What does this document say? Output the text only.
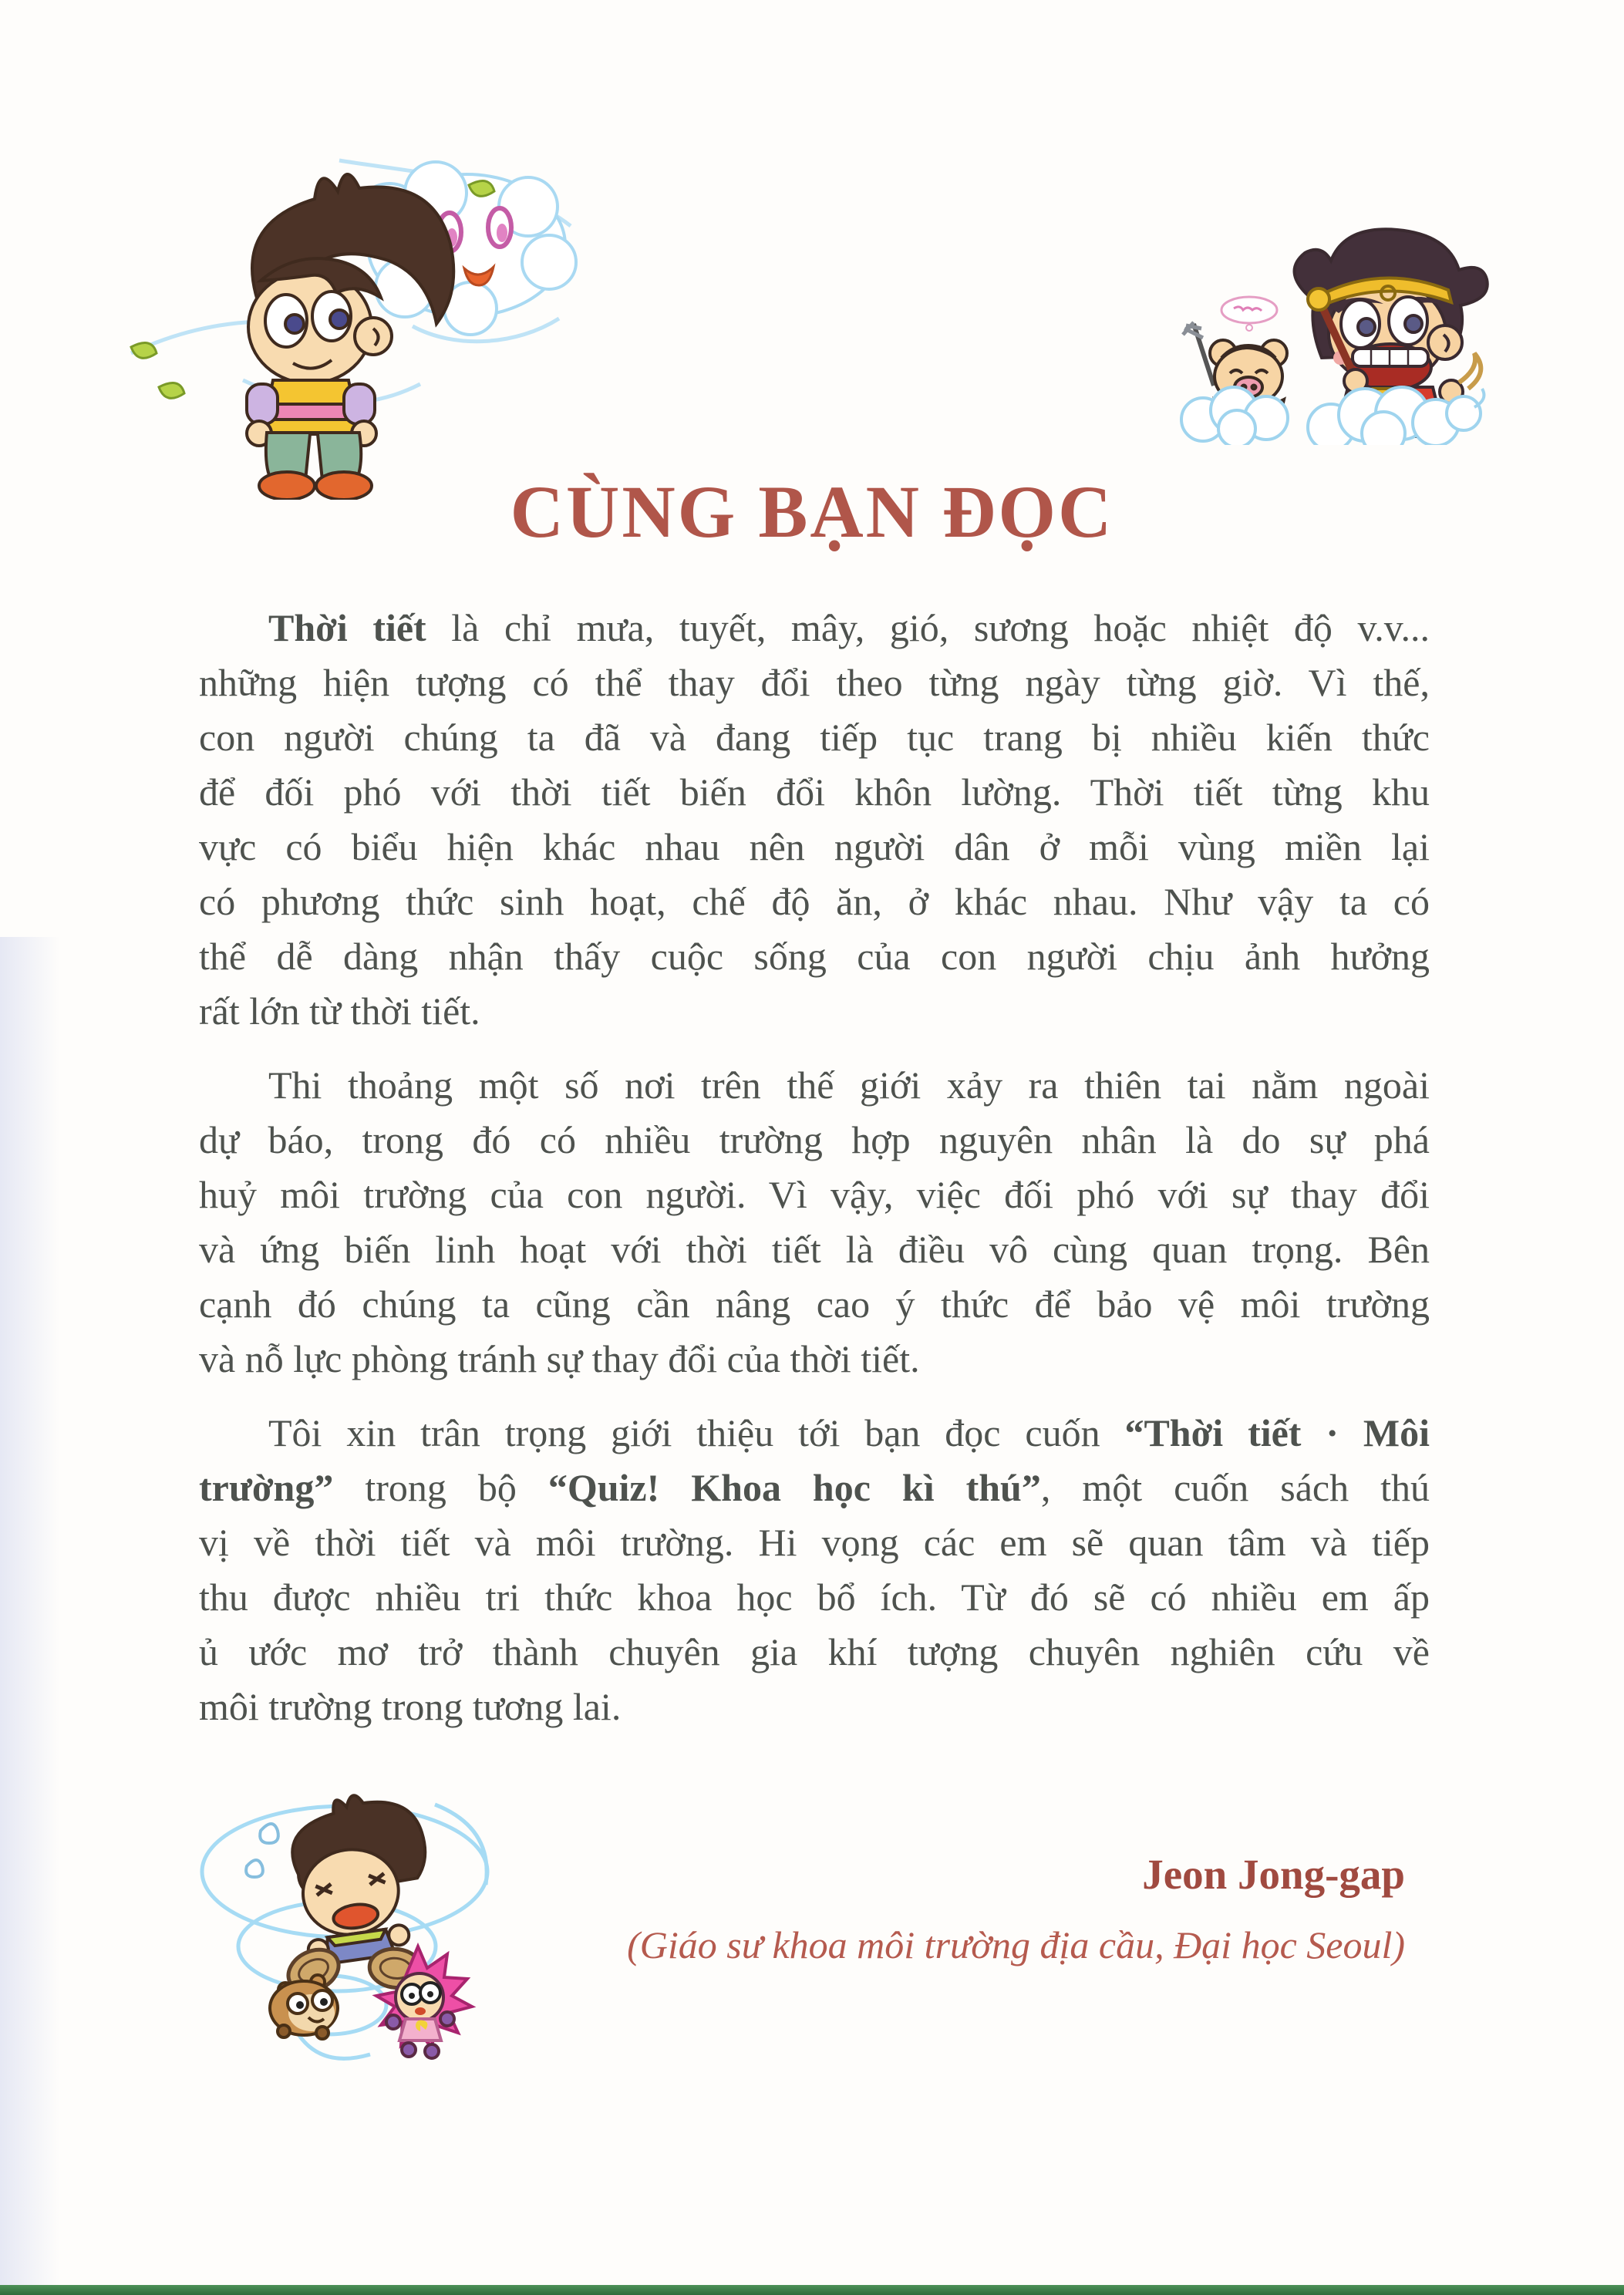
CÙNG BẠN ĐỌC
Thời tiết là chỉ mưa, tuyết, mây, gió, sương hoặc nhiệt độ v.v...
những hiện tượng có thể thay đổi theo từng ngày từng giờ. Vì thế,
con người chúng ta đã và đang tiếp tục trang bị nhiều kiến thức
để đối phó với thời tiết biến đổi khôn lường. Thời tiết từng khu
vực có biểu hiện khác nhau nên người dân ở mỗi vùng miền lại
có phương thức sinh hoạt, chế độ ăn, ở khác nhau. Như vậy ta có
thể dễ dàng nhận thấy cuộc sống của con người chịu ảnh hưởng
rất lớn từ thời tiết.
Thi thoảng một số nơi trên thế giới xảy ra thiên tai nằm ngoài
dự báo, trong đó có nhiều trường hợp nguyên nhân là do sự phá
huỷ môi trường của con người. Vì vậy, việc đối phó với sự thay đổi
và ứng biến linh hoạt với thời tiết là điều vô cùng quan trọng. Bên
cạnh đó chúng ta cũng cần nâng cao ý thức để bảo vệ môi trường
và nỗ lực phòng tránh sự thay đổi của thời tiết.
Tôi xin trân trọng giới thiệu tới bạn đọc cuốn “Thời tiết · Môi
trường” trong bộ “Quiz! Khoa học kì thú”, một cuốn sách thú
vị về thời tiết và môi trường. Hi vọng các em sẽ quan tâm và tiếp
thu được nhiều tri thức khoa học bổ ích. Từ đó sẽ có nhiều em ấp
ủ ước mơ trở thành chuyên gia khí tượng chuyên nghiên cứu về
môi trường trong tương lai.
Jeon Jong-gap
(Giáo sư khoa môi trường địa cầu, Đại học Seoul)
